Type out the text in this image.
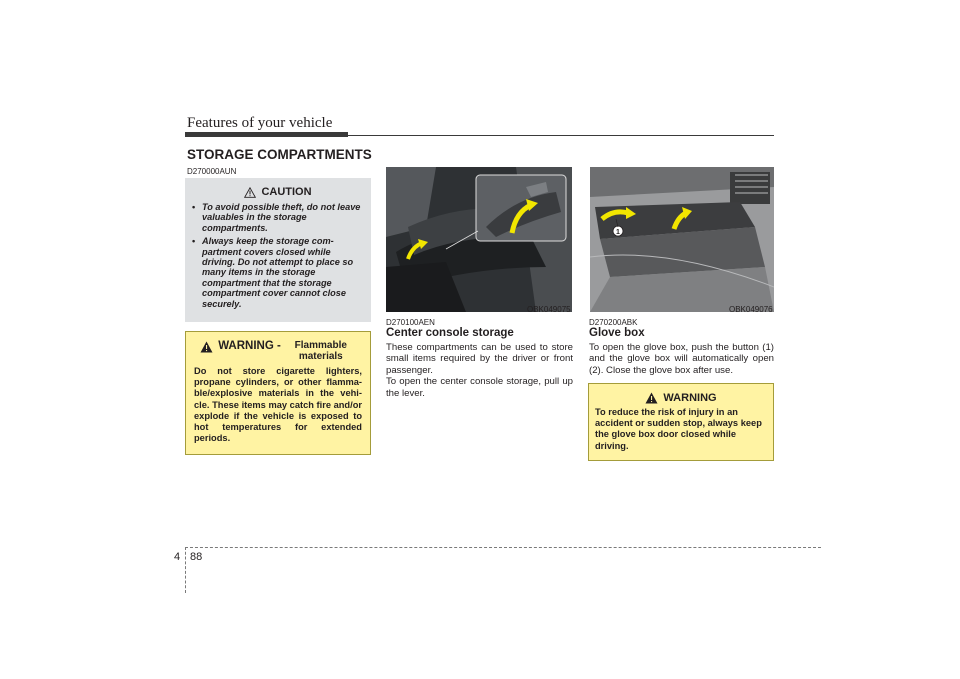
Features of your vehicle
STORAGE COMPARTMENTS
D270000AUN
CAUTION
• To avoid possible theft, do not leave valuables in the storage compartments.
• Always keep the storage com-partment covers closed while driving. Do not attempt to place so many items in the storage compartment that the storage compartment cover cannot close securely.
WARNING -	Flammable materials
Do not store cigarette lighters, propane cylinders, or other flamma-ble/explosive materials in the vehi-cle. These items may catch fire and/or explode if the vehicle is exposed to hot temperatures for extended periods.
OBK049075
D270100AEN
Center console storage
These compartments can be used to store small items required by the driver or front passenger.
To open the center console storage, pull up the lever.
1
OBK049076
D270200ABK
Glove box
To open the glove box, push the button (1) and the glove box will automatically open (2). Close the glove box after use.
WARNING
To reduce the risk of injury in an accident or sudden stop, always keep the glove box door closed while driving.
4 88
